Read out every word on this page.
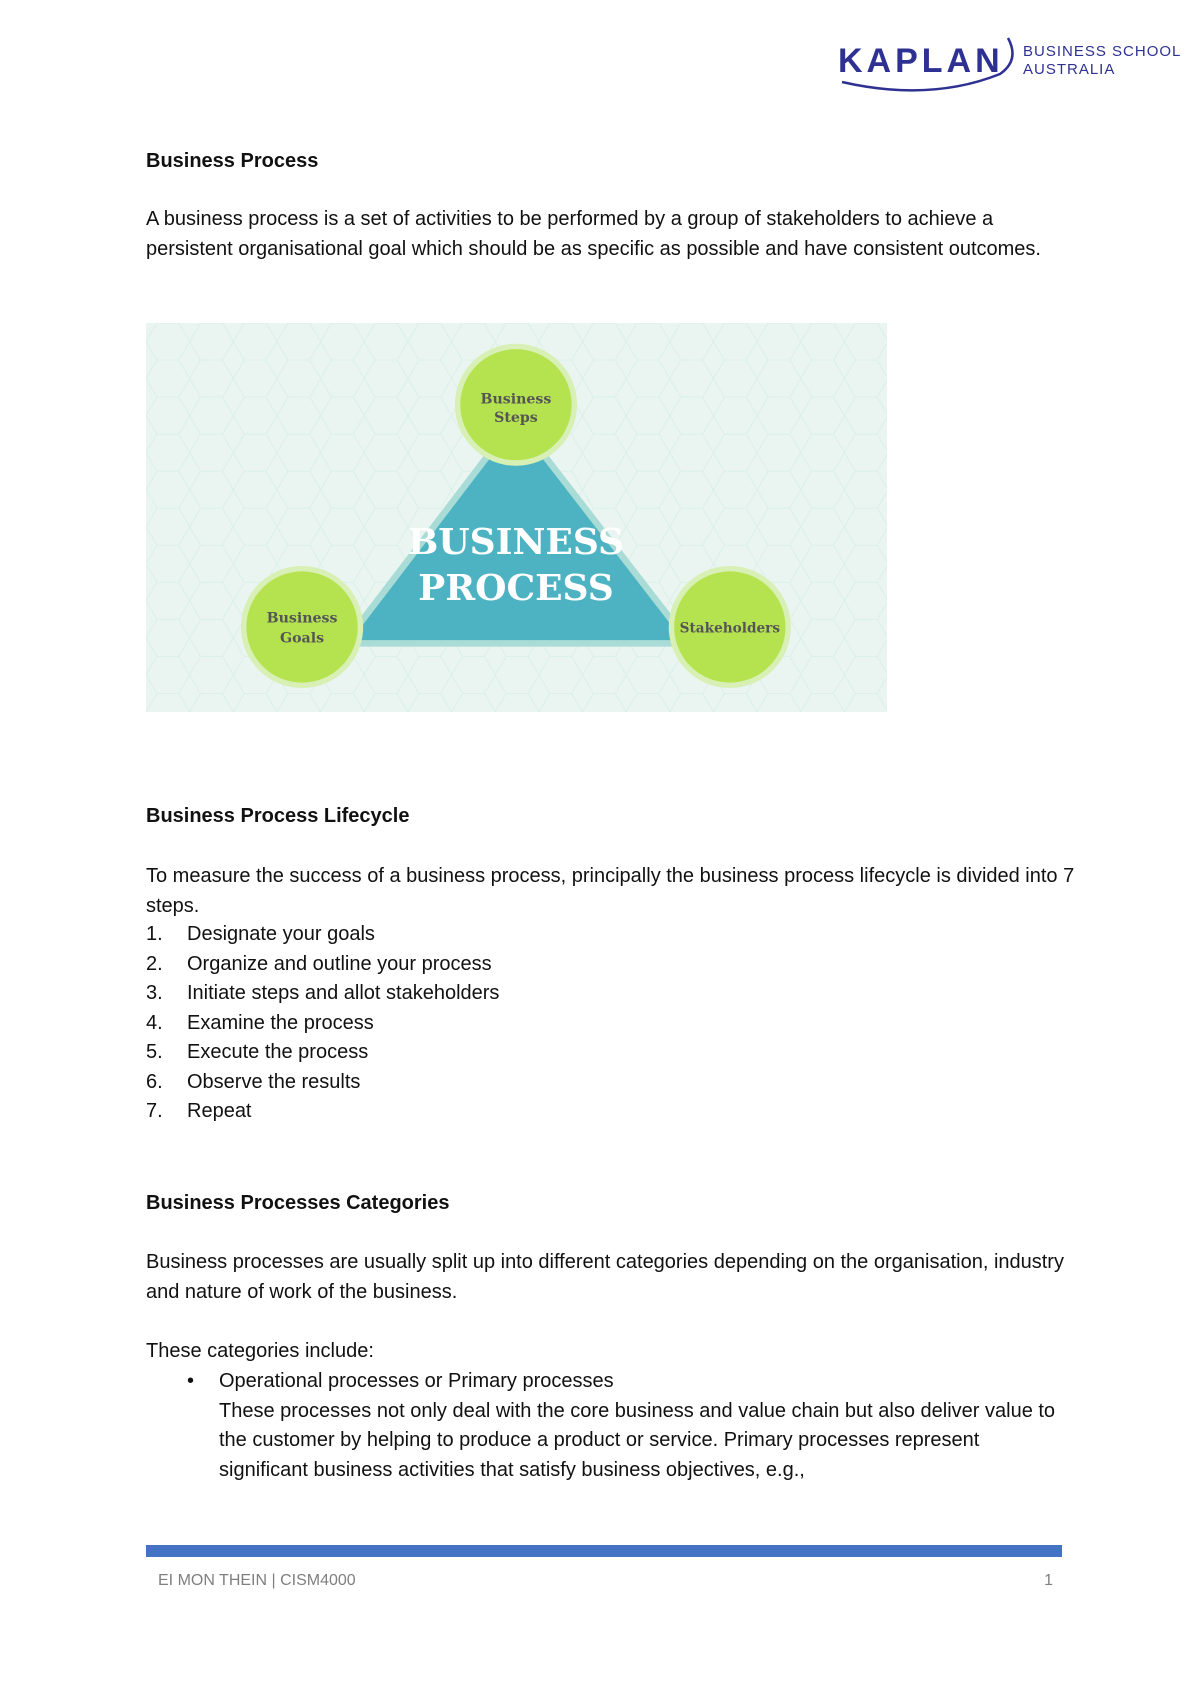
KAPLAN BUSINESS SCHOOL
AUSTRALIA
Business Process
A business process is a set of activities to be performed by a group of stakeholders to achieve a persistent organisational goal which should be as specific as possible and have consistent outcomes.
BUSINESS
PROCESS
Business
Steps
Business
Goals
Stakeholders
Business Process Lifecycle
To measure the success of a business process, principally the business process lifecycle is divided into 7 steps.
1.	Designate your goals
2.	Organize and outline your process
3.	Initiate steps and allot stakeholders
4.	Examine the process
5.	Execute the process
6.	Observe the results
7.	Repeat
Business Processes Categories
Business processes are usually split up into different categories depending on the organisation, industry and nature of work of the business.
These categories include:
•	Operational processes or Primary processes
These processes not only deal with the core business and value chain but also deliver value to the customer by helping to produce a product or service. Primary processes represent significant business activities that satisfy business objectives, e.g.,
EI MON THEIN | CISM4000	1
